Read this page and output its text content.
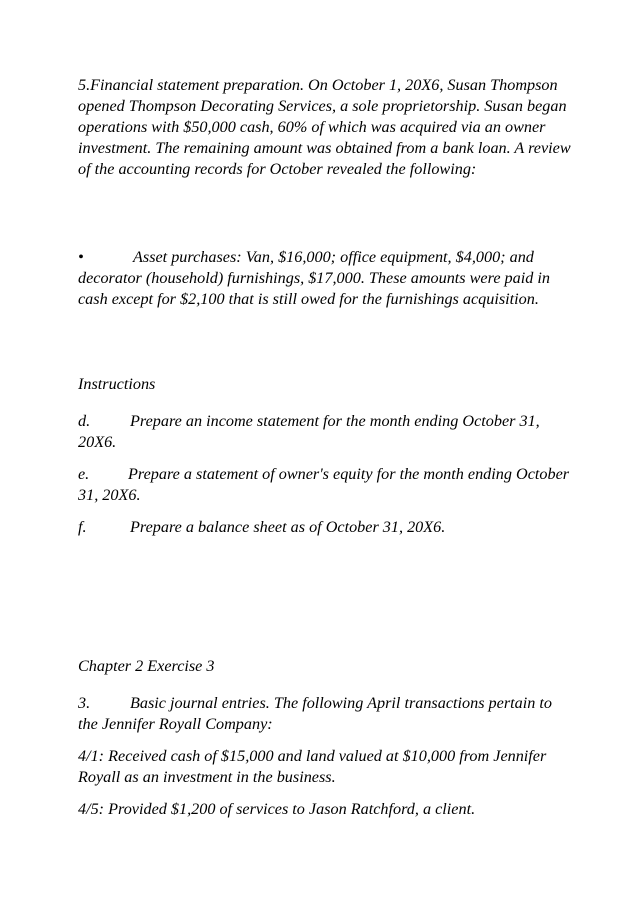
5.Financial statement preparation. On October 1, 20X6, Susan Thompson opened Thompson Decorating Services, a sole proprietorship. Susan began operations with $50,000 cash, 60% of which was acquired via an owner investment. The remaining amount was obtained from a bank loan. A review of the accounting records for October revealed the following:

•	Asset purchases: Van, $16,000; office equipment, $4,000; and decorator (household) furnishings, $17,000. These amounts were paid in cash except for $2,100 that is still owed for the furnishings acquisition.

Instructions

d. Prepare an income statement for the month ending October 31, 20X6.

e. Prepare a statement of owner's equity for the month ending October 31, 20X6.

f.	Prepare a balance sheet as of October 31, 20X6.

Chapter 2 Exercise 3

3. Basic journal entries. The following April transactions pertain to the Jennifer Royall Company:

4/1: Received cash of $15,000 and land valued at $10,000 from Jennifer Royall as an investment in the business.

4/5: Provided $1,200 of services to Jason Ratchford, a client.
